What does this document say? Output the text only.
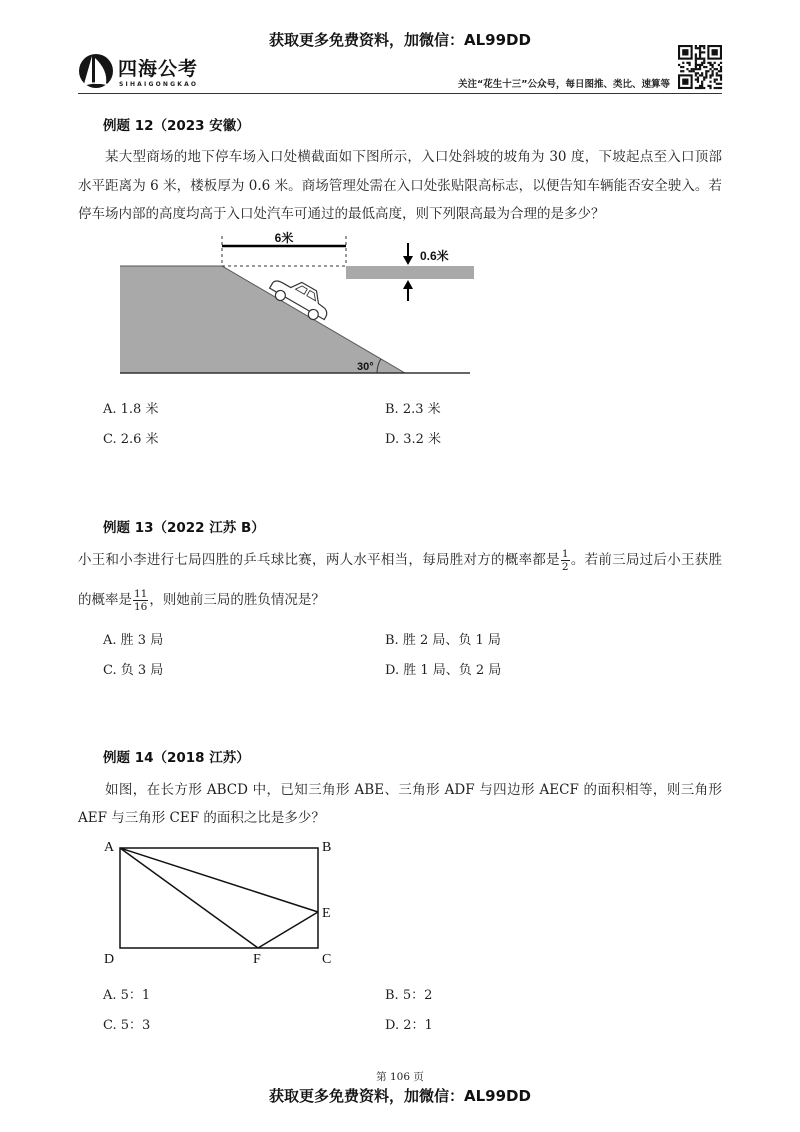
获取更多免费资料，加微信：AL99DD
四海公考
SIHAIGONGKAO	关注“花生十三”公众号，每日图推、类比、速算等
例题 12（2023 安徽）

某大型商场的地下停车场入口处横截面如下图所示，入口处斜坡的坡角为 30 度，下坡起点至入口顶部水平距离为 6 米，楼板厚为 0.6 米。商场管理处需在入口处张贴限高标志，以便告知车辆能否安全驶入。若停车场内部的高度均高于入口处汽车可通过的最低高度，则下列限高最为合理的是多少？

A. 1.8 米	B. 2.3 米
C. 2.6 米	D. 3.2 米
例题 13（2022 江苏 B）

小王和小李进行七局四胜的乒乓球比赛，两人水平相当，每局胜对方的概率都是 $\frac{1}{2}$ 。若前三局过后小王获胜的概率是 $\frac{11}{16}$ ，则她前三局的胜负情况是？

A. 胜 3 局	B. 胜 2 局、负 1 局
C. 负 3 局	D. 胜 1 局、负 2 局
例题 14（2018 江苏）

如图，在长方形 ABCD 中，已知三角形 ABE、三角形 ADF 与四边形 AECF 的面积相等，则三角形 AEF 与三角形 CEF 的面积之比是多少？

A. 5：1	B. 5：2
C. 5：3	D. 2：1
第 106 页
获取更多免费资料，加微信：AL99DD
6米
0.6米
30°
A	B
D	C
E
F
